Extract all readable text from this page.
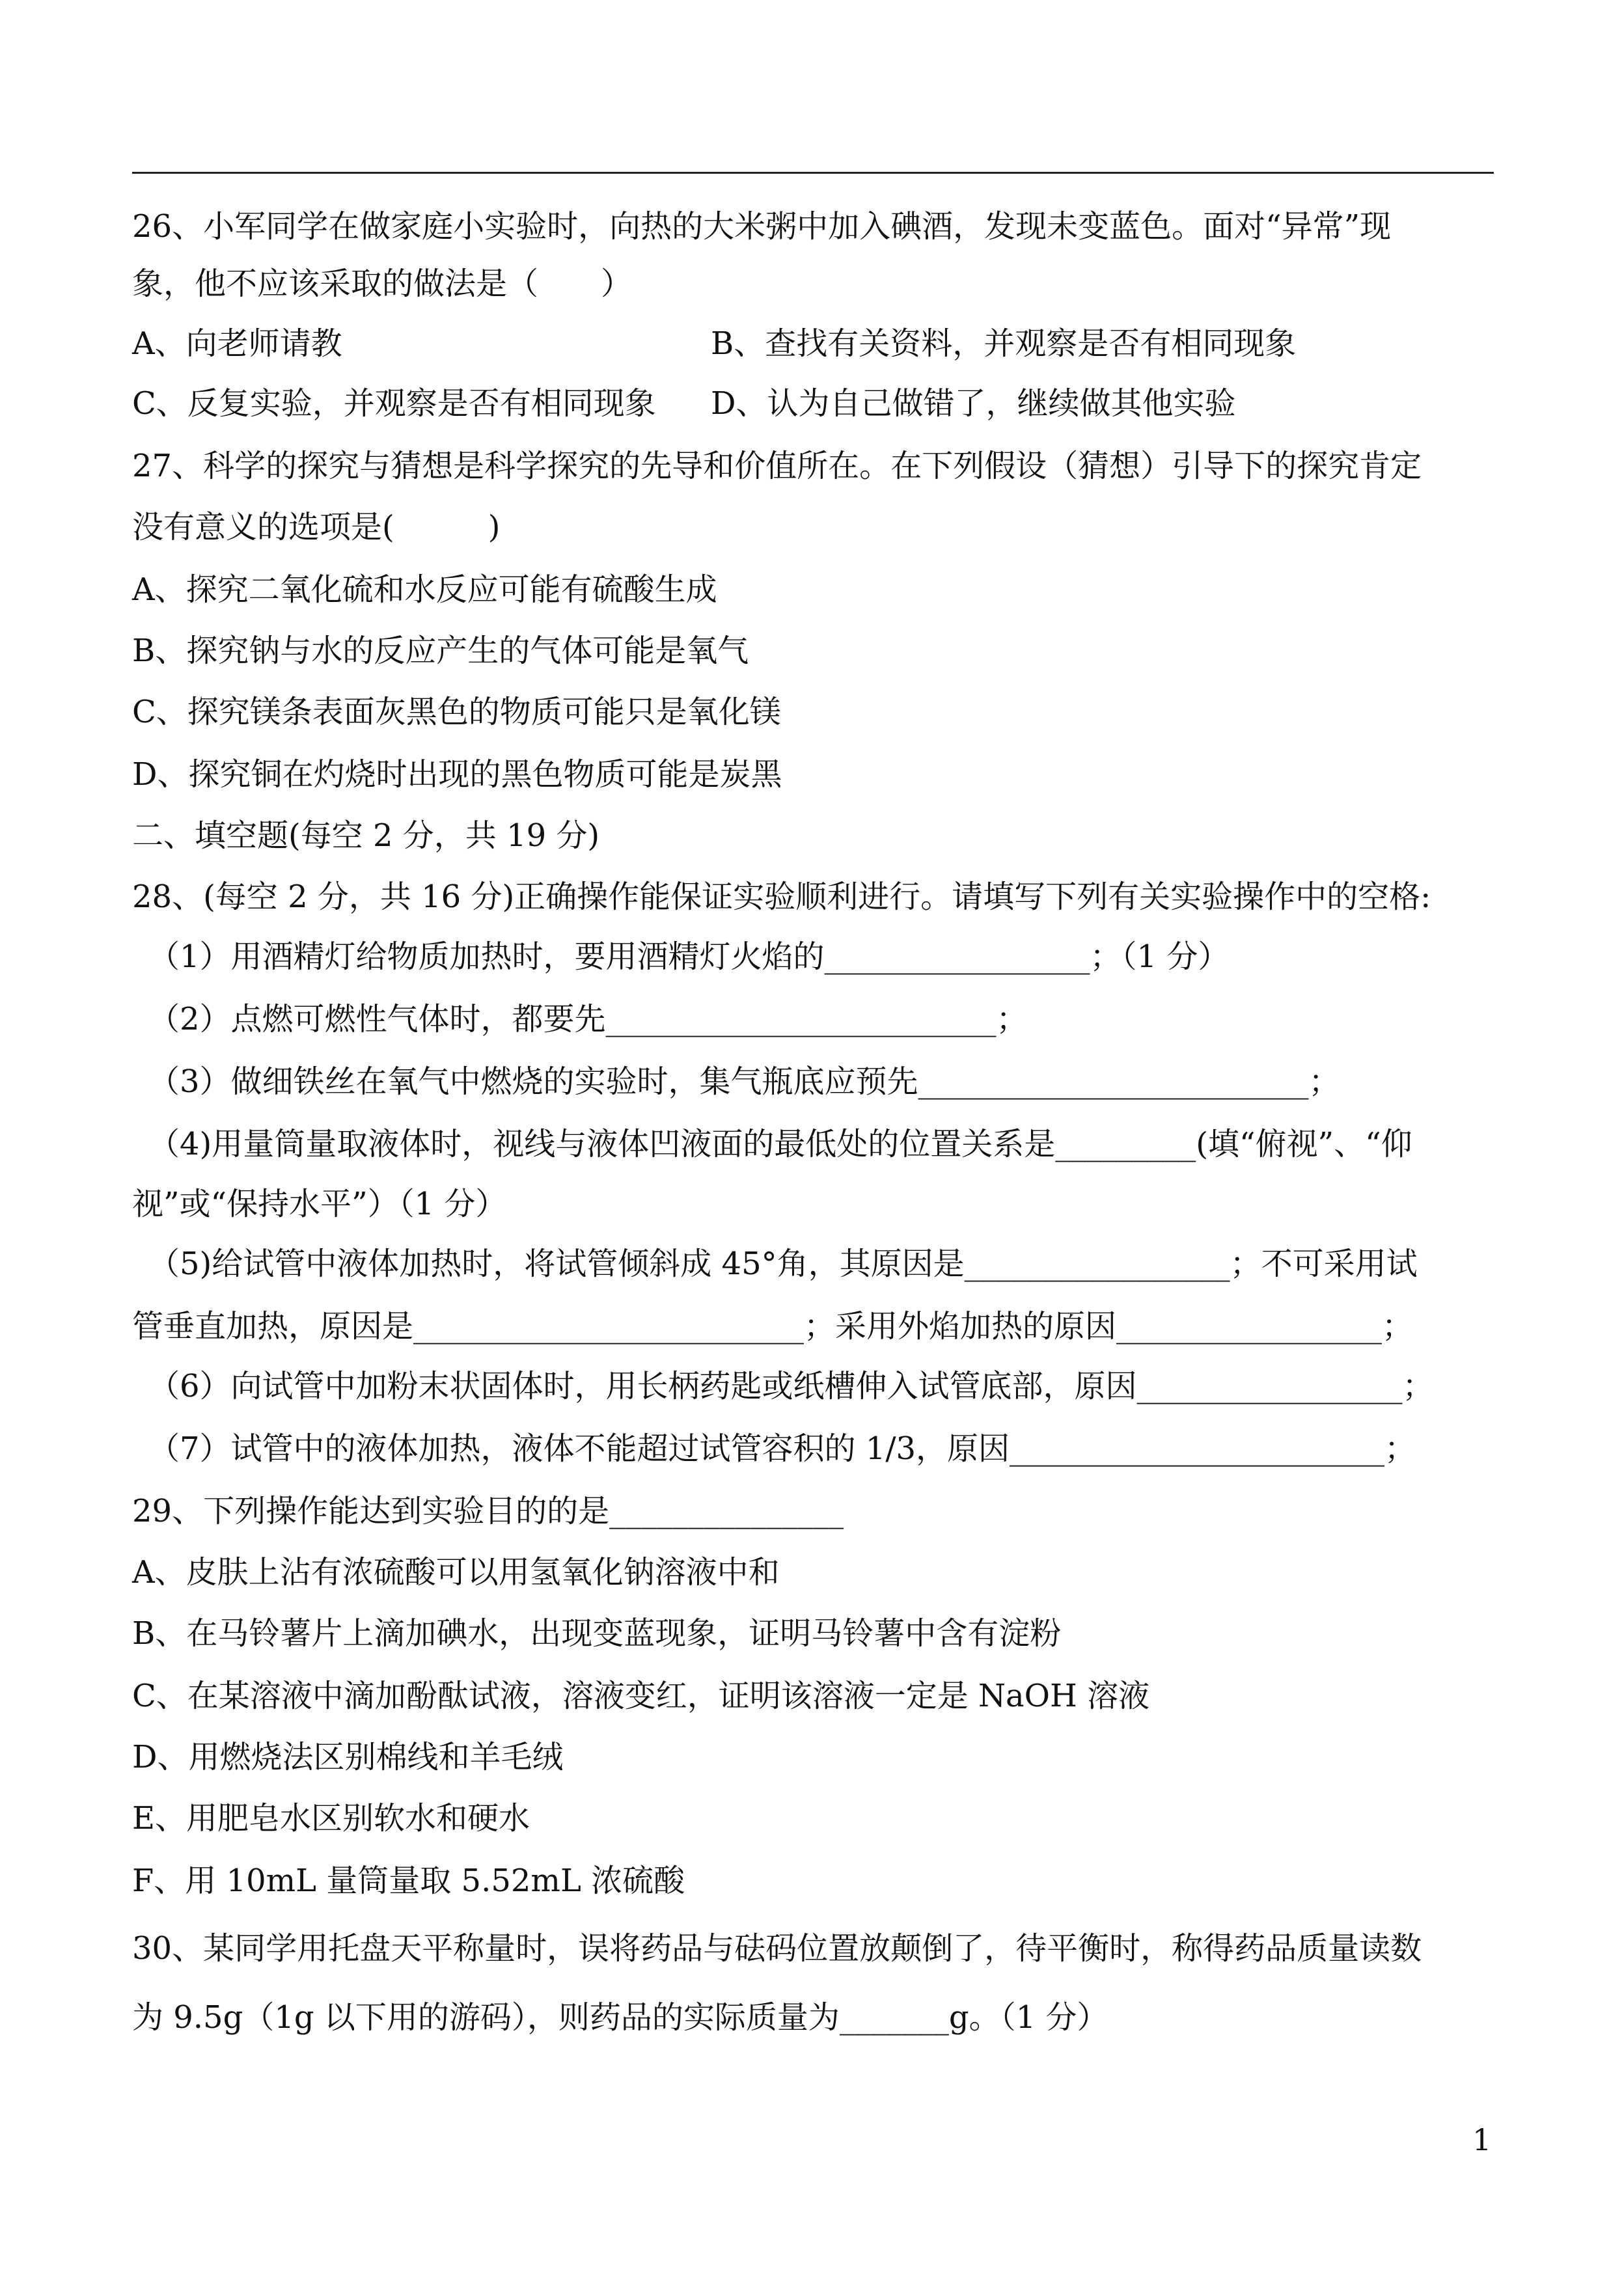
26、小军同学在做家庭小实验时，向热的大米粥中加入碘酒，发现未变蓝色。面对“异常”现
象，他不应该采取的做法是（　　）
A、向老师请教	B、查找有关资料，并观察是否有相同现象
C、反复实验，并观察是否有相同现象 D、认为自己做错了，继续做其他实验
27、科学的探究与猜想是科学探究的先导和价值所在。在下列假设（猜想）引导下的探究肯定
没有意义的选项是(　　　)
A、探究二氧化硫和水反应可能有硫酸生成
B、探究钠与水的反应产生的气体可能是氧气
C、探究镁条表面灰黑色的物质可能只是氧化镁
D、探究铜在灼烧时出现的黑色物质可能是炭黑
二、填空题(每空 2 分，共 19 分)
28、(每空 2 分，共 16 分)正确操作能保证实验顺利进行。请填写下列有关实验操作中的空格:
（1）用酒精灯给物质加热时，要用酒精灯火焰的_________________；（1 分）
（2）点燃可燃性气体时，都要先_________________________；
（3）做细铁丝在氧气中燃烧的实验时，集气瓶底应预先_________________________；
（4)用量筒量取液体时，视线与液体凹液面的最低处的位置关系是_________(填“俯视”、“仰
视”或“保持水平”）（1 分）
（5)给试管中液体加热时，将试管倾斜成 45°角，其原因是_________________；不可采用试
管垂直加热，原因是_________________________；采用外焰加热的原因_________________；
（6）向试管中加粉末状固体时，用长柄药匙或纸槽伸入试管底部，原因_________________；
（7）试管中的液体加热，液体不能超过试管容积的 1/3，原因________________________；
29、下列操作能达到实验目的的是_______________
A、皮肤上沾有浓硫酸可以用氢氧化钠溶液中和
B、在马铃薯片上滴加碘水，出现变蓝现象，证明马铃薯中含有淀粉
C、在某溶液中滴加酚酞试液，溶液变红，证明该溶液一定是 NaOH 溶液
D、用燃烧法区别棉线和羊毛绒
E、用肥皂水区别软水和硬水
F、用 10mL 量筒量取 5.52mL 浓硫酸
30、某同学用托盘天平称量时，误将药品与砝码位置放颠倒了，待平衡时，称得药品质量读数
为 9.5g（1g 以下用的游码），则药品的实际质量为_______g。（1 分）
1
